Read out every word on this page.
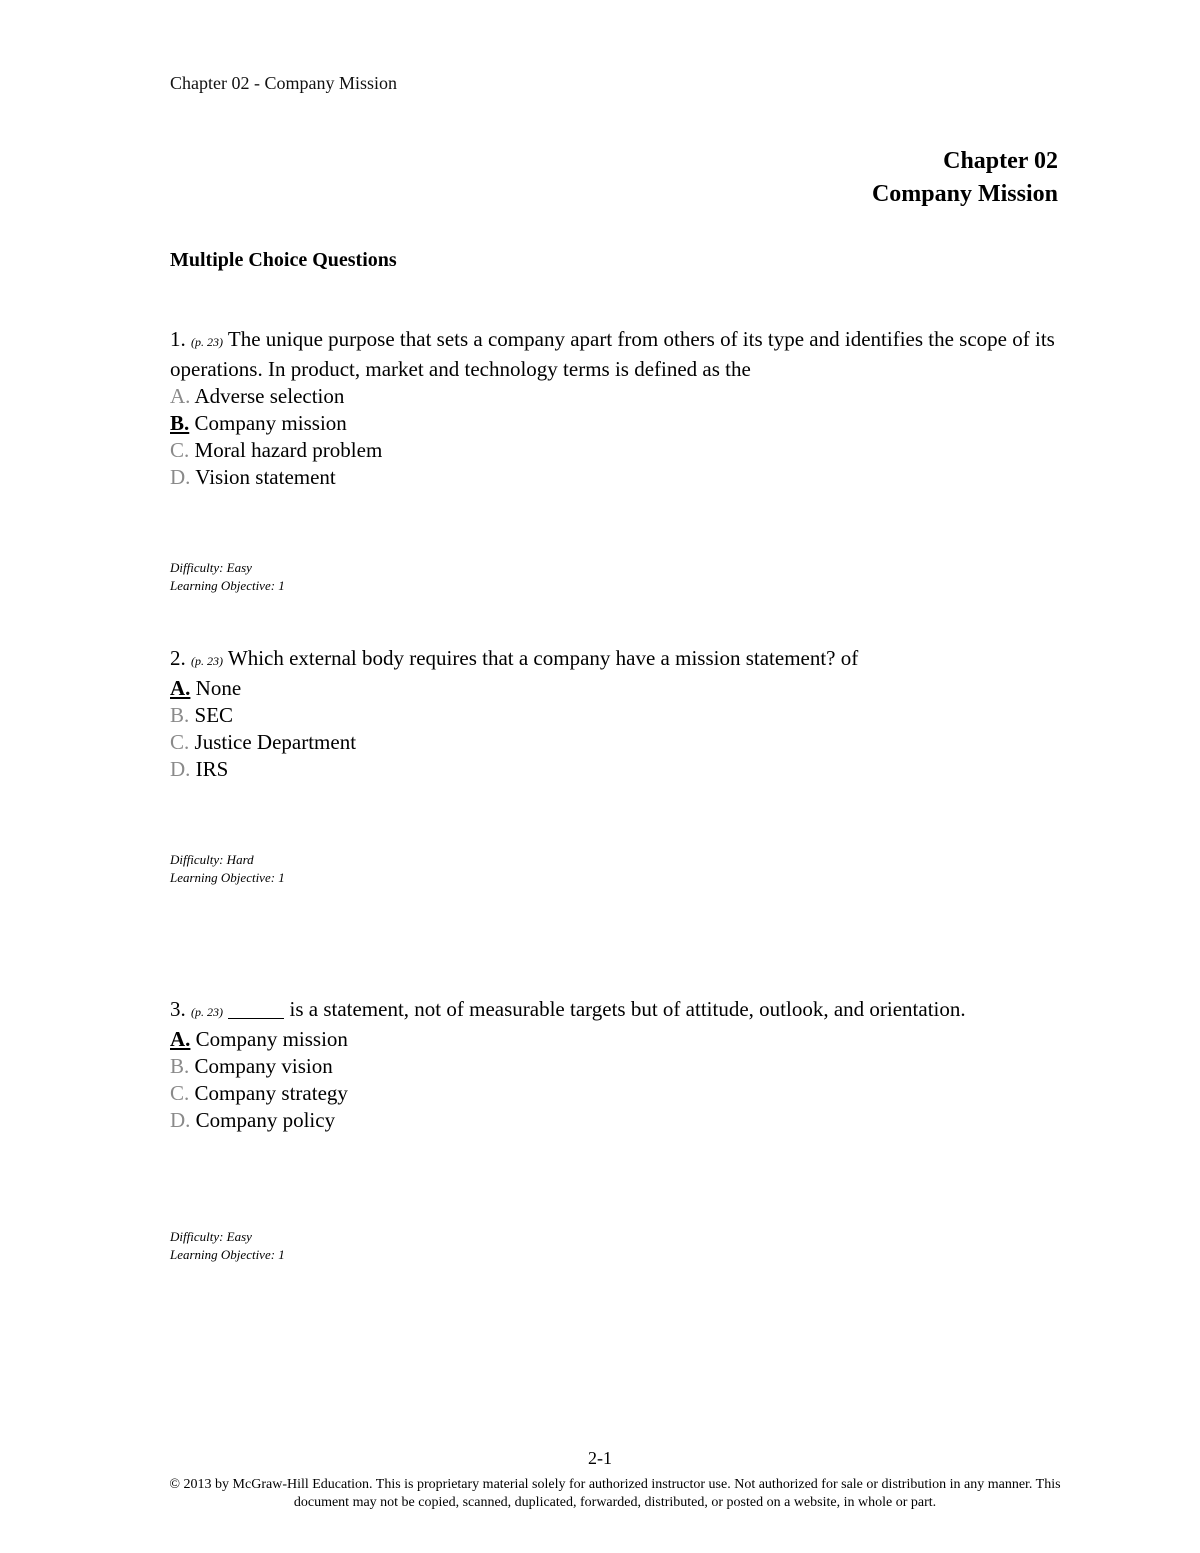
Chapter 02 - Company Mission
Chapter 02
Company Mission
Multiple Choice Questions

1. (p. 23) The unique purpose that sets a company apart from others of its type and identifies the scope of its operations. In product, market and technology terms is defined as the

A. Adverse selection
B. Company mission
C. Moral hazard problem
D. Vision statement
Difficulty: Easy
Learning Objective: 1

2. (p. 23) Which external body requires that a company have a mission statement? of

A. None
B. SEC
C. Justice Department
D. IRS
Difficulty: Hard
Learning Objective: 1

3. (p. 23)	is a statement, not of measurable targets but of attitude, outlook, and orientation.

A. Company mission
B. Company vision
C. Company strategy
D. Company policy
Difficulty: Easy
Learning Objective: 1
2-1
© 2013 by McGraw-Hill Education. This is proprietary material solely for authorized instructor use. Not authorized for sale or distribution in any manner. This document may not be copied, scanned, duplicated, forwarded, distributed, or posted on a website, in whole or part.
